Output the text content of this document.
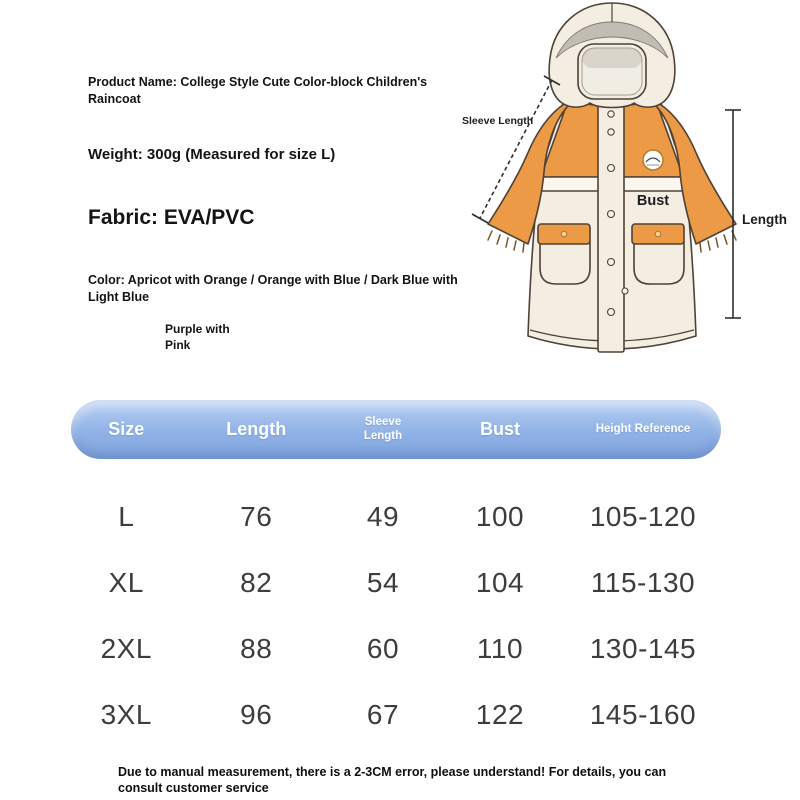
Product Name: College Style Cute Color-block Children's Raincoat

Weight: 300g (Measured for size L)

Fabric: EVA/PVC

Color: Apricot with Orange / Orange with Blue / Dark Blue with Light Blue

Purple with Pink

Bust
Sleeve Length
Length
Size	Length	Sleeve Length	Bust	Height Reference
L	76	49	100	105-120
XL	82	54	104	115-130
2XL	88	60	110	130-145
3XL	96	67	122	145-160

Due to manual measurement, there is a 2-3CM error, please understand! For details, you can consult customer service
